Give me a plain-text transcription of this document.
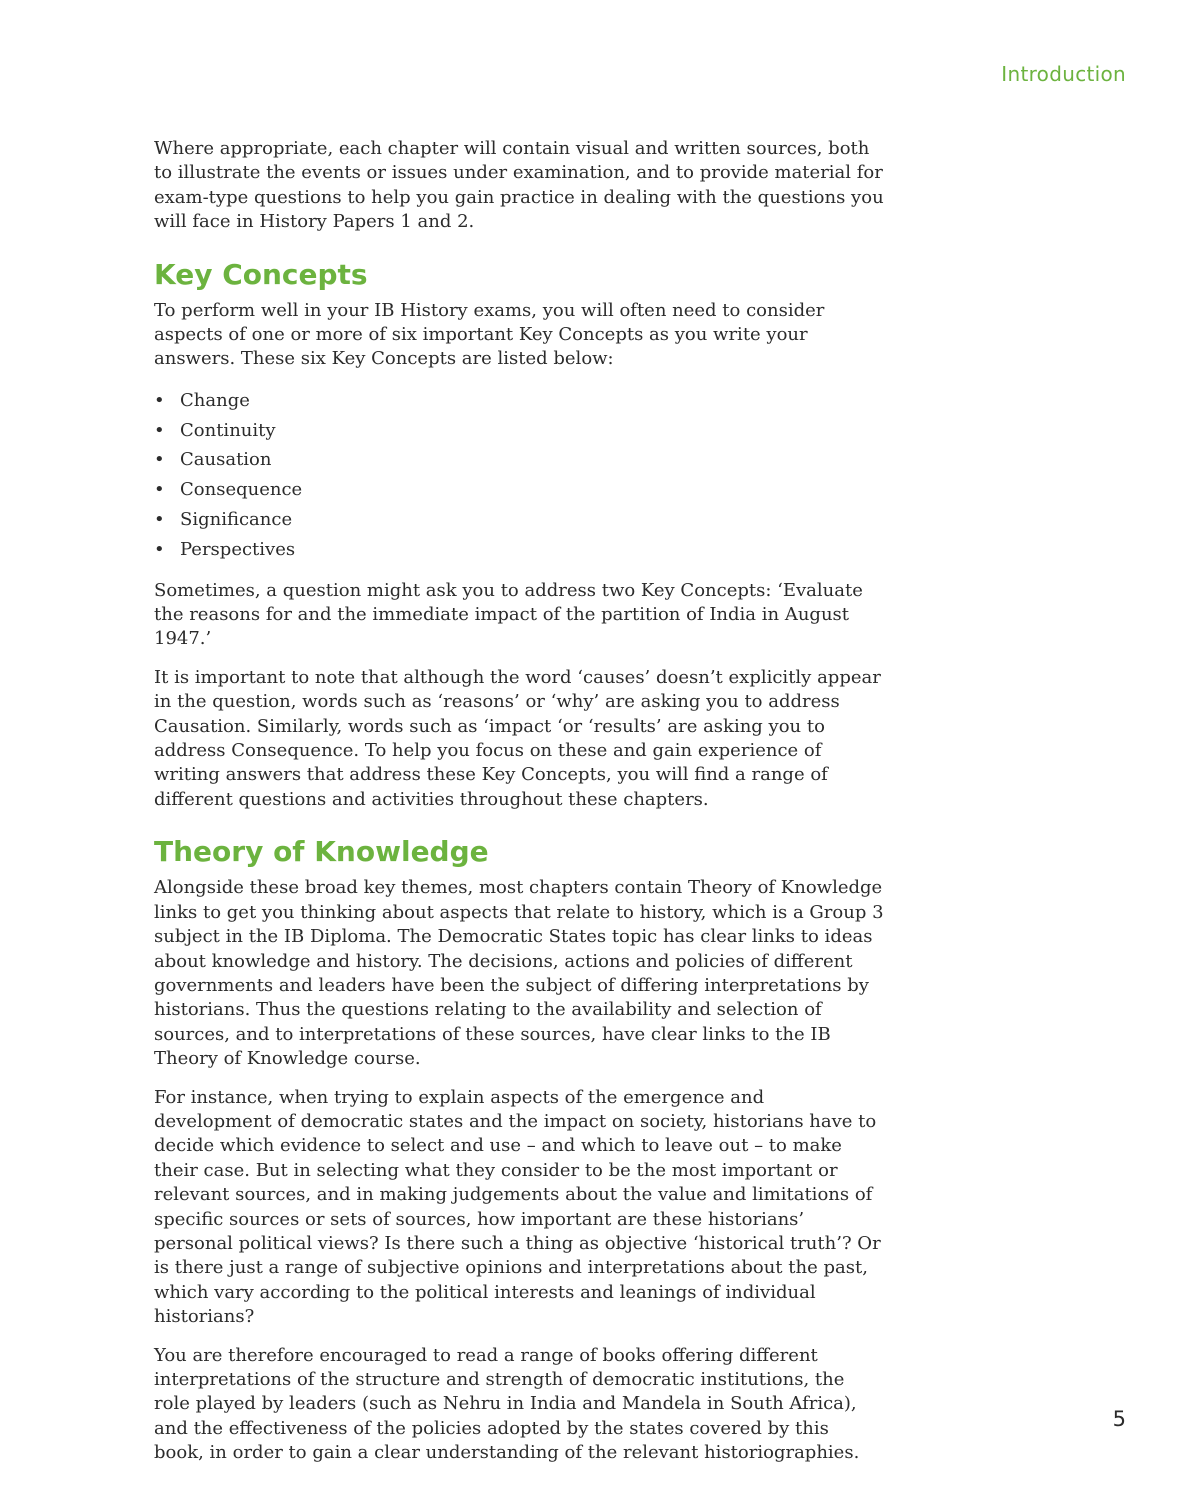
Introduction

Where appropriate, each chapter will contain visual and written sources, both to illustrate the events or issues under examination, and to provide material for exam-type questions to help you gain practice in dealing with the questions you will face in History Papers 1 and 2.

Key Concepts

To perform well in your IB History exams, you will often need to consider aspects of one or more of six important Key Concepts as you write your answers. These six Key Concepts are listed below:

• Change
• Continuity
• Causation
• Consequence
• Significance
• Perspectives

Sometimes, a question might ask you to address two Key Concepts: ‘Evaluate the reasons for and the immediate impact of the partition of India in August 1947.’

It is important to note that although the word ‘causes’ doesn’t explicitly appear in the question, words such as ‘reasons’ or ‘why’ are asking you to address Causation. Similarly, words such as ‘impact ‘or ‘results’ are asking you to address Consequence. To help you focus on these and gain experience of writing answers that address these Key Concepts, you will find a range of different questions and activities throughout these chapters.

Theory of Knowledge

Alongside these broad key themes, most chapters contain Theory of Knowledge links to get you thinking about aspects that relate to history, which is a Group 3 subject in the IB Diploma. The Democratic States topic has clear links to ideas about knowledge and history. The decisions, actions and policies of different governments and leaders have been the subject of differing interpretations by historians. Thus the questions relating to the availability and selection of sources, and to interpretations of these sources, have clear links to the IB Theory of Knowledge course.

For instance, when trying to explain aspects of the emergence and development of democratic states and the impact on society, historians have to decide which evidence to select and use – and which to leave out – to make their case. But in selecting what they consider to be the most important or relevant sources, and in making judgements about the value and limitations of specific sources or sets of sources, how important are these historians’ personal political views? Is there such a thing as objective ‘historical truth’? Or is there just a range of subjective opinions and interpretations about the past, which vary according to the political interests and leanings of individual historians?

You are therefore encouraged to read a range of books offering different interpretations of the structure and strength of democratic institutions, the role played by leaders (such as Nehru in India and Mandela in South Africa), and the effectiveness of the policies adopted by the states covered by this book, in order to gain a clear understanding of the relevant historiographies.

5
